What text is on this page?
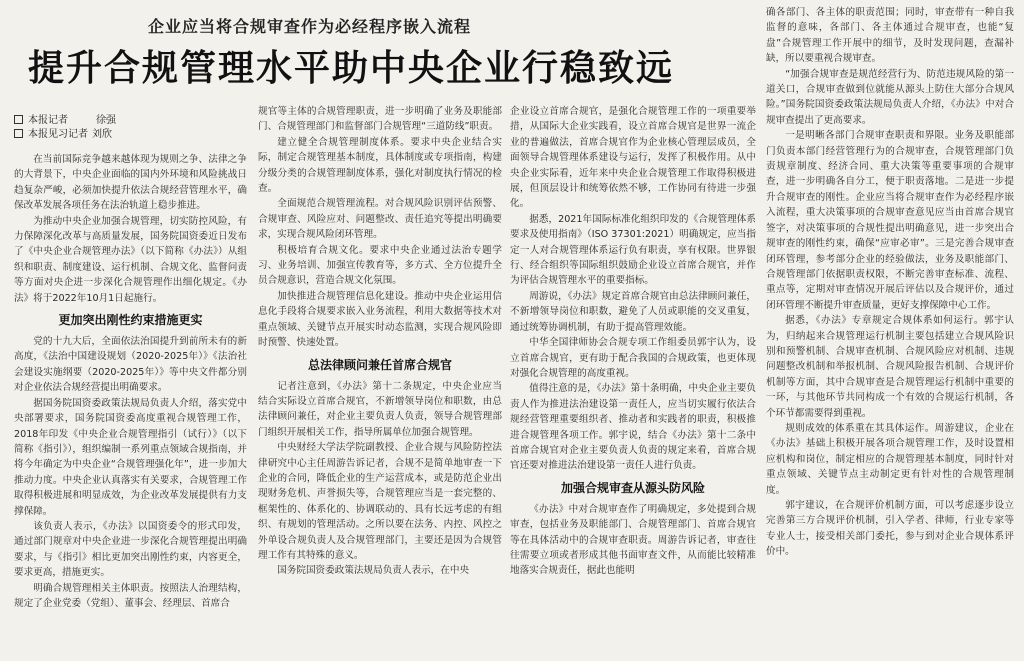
企业应当将合规审查作为必经程序嵌入流程
提升合规管理水平助中央企业行稳致远
本报记者	徐强
本报见习记者 刘欣

在当前国际竞争越来越体现为规则之争、法律之争的大背景下，中央企业面临的国内外环境和风险挑战日趋复杂严峻，必须加快提升依法合规经营管理水平，确保改革发展各项任务在法治轨道上稳步推进。

为推动中央企业加强合规管理，切实防控风险，有力保障深化改革与高质量发展，国务院国资委近日发布了《中央企业合规管理办法》（以下简称《办法》）从组织和职责、制度建设、运行机制、合规文化、监督问责等方面对央企进一步深化合规管理作出细化规定。《办法》将于2022年10月1日起施行。

更加突出刚性约束措施更实

党的十九大后，全面依法治国提升到前所未有的新高度，《法治中国建设规划（2020-2025年）》《法治社会建设实施纲要（2020-2025年）》等中央文件都分别对企业依法合规经营提出明确要求。

据国务院国资委政策法规局负责人介绍，落实党中央部署要求，国务院国资委高度重视合规管理工作，2018年印发《中央企业合规管理指引（试行）》（以下简称《指引》），组织编制一系列重点领域合规指南，并将今年确定为中央企业“合规管理强化年”，进一步加大推动力度。中央企业认真落实有关要求，合规管理工作取得积极进展和明显成效，为企业改革发展提供有力支撑保障。

该负责人表示，《办法》以国资委令的形式印发，通过部门规章对中央企业进一步深化合规管理提出明确要求，与《指引》相比更加突出刚性约束，内容更全，要求更高，措施更实。

明确合规管理相关主体职责。按照法人治理结构，规定了企业党委（党组）、董事会、经理层、首席合

规官等主体的合规管理职责，进一步明确了业务及职能部门、合规管理部门和监督部门合规管理“三道防线”职责。

建立健全合规管理制度体系。要求中央企业结合实际，制定合规管理基本制度，具体制度或专项指南，构建分级分类的合规管理制度体系，强化对制度执行情况的检查。

全面规范合规管理流程。对合规风险识别评估预警、合规审查、风险应对、问题整改、责任追究等提出明确要求，实现合规风险闭环管理。

积极培育合规文化。要求中央企业通过法治专题学习、业务培训、加强宣传教育等，多方式、全方位提升全员合规意识，营造合规文化氛围。

加快推进合规管理信息化建设。推动中央企业运用信息化手段将合规要求嵌入业务流程，利用大数据等技术对重点领域、关键节点开展实时动态监测，实现合规风险即时预警、快速处置。

总法律顾问兼任首席合规官

记者注意到，《办法》第十二条规定，中央企业应当结合实际设立首席合规官，不新增领导岗位和职数，由总法律顾问兼任，对企业主要负责人负责，领导合规管理部门组织开展相关工作，指导所属单位加强合规管理。

中央财经大学法学院副教授、企业合规与风险防控法律研究中心主任周游告诉记者，合规不是简单地审查一下企业的合同，降低企业的生产运营成本，或是防范企业出现财务危机、声誉损失等，合规管理应当是一套完整的、框架性的、体系化的、协调联动的、具有长远考虑的有组织、有规划的管理活动。之所以要在法务、内控、风控之外单设合规负责人及合规管理部门，主要还是因为合规管理工作有其特殊的意义。

国务院国资委政策法规局负责人表示，在中央

企业设立首席合规官，是强化合规管理工作的一项重要举措，从国际大企业实践看，设立首席合规官是世界一流企业的普遍做法，首席合规官作为企业核心管理层成员，全面领导合规管理体系建设与运行，发挥了积极作用。从中央企业实际看，近年来中央企业合规管理工作取得积极进展，但顶层设计和统筹依然不够，工作协同有待进一步强化。

据悉，2021年国际标准化组织印发的《合规管理体系要求及使用指南》（ISO 37301:2021）明确规定，应当指定一人对合规管理体系运行负有职责，享有权限。世界银行、经合组织等国际组织鼓励企业设立首席合规官，并作为评估合规管理水平的重要指标。

周游说，《办法》规定首席合规官由总法律顾问兼任，不新增领导岗位和职数，避免了人员或职能的交叉重复，通过统筹协调机制，有助于提高管理效能。

中华全国律师协会合规专项工作组委员郭宇认为，设立首席合规官，更有助于配合我国的合规政策，也更体现对强化合规管理的高度重视。

值得注意的是，《办法》第十条明确，中央企业主要负责人作为推进法治建设第一责任人，应当切实履行依法合规经营管理重要组织者、推动者和实践者的职责，积极推进合规管理各项工作。郭宇说，结合《办法》第十二条中首席合规官对企业主要负责人负责的规定来看，首席合规官还要对推进法治建设第一责任人进行负责。

加强合规审查从源头防风险

《办法》中对合规审查作了明确规定，多处提到合规审查，包括业务及职能部门、合规管理部门、首席合规官等在具体活动中的合规审查职责。周游告诉记者，审查往往需要立项或者形成其他书面审查文件，从而能比较精准地落实合规责任，据此也能明

确各部门、各主体的职责范围；同时，审查带有一种自我监督的意味，各部门、各主体通过合规审查，也能“复盘”合规管理工作开展中的细节，及时发现问题，查漏补缺，所以要重视合规审查。

“加强合规审查是规范经营行为、防范违规风险的第一道关口，合规审查做到位就能从源头上防住大部分合规风险。”国务院国资委政策法规局负责人介绍，《办法》中对合规审查提出了更高要求。

一是明晰各部门合规审查职责和界限。业务及职能部门负责本部门经营管理行为的合规审查，合规管理部门负责规章制度、经济合同、重大决策等重要事项的合规审查，进一步明确各自分工，便于职责落地。二是进一步提升合规审查的刚性。企业应当将合规审查作为必经程序嵌入流程，重大决策事项的合规审查意见应当由首席合规官签字，对决策事项的合规性提出明确意见，进一步突出合规审查的刚性约束，确保“应审必审”。三是完善合规审查闭环管理，参考部分企业的经验做法，业务及职能部门、合规管理部门依据职责权限，不断完善审查标准、流程、重点等，定期对审查情况开展后评估以及合规评价，通过闭环管理不断提升审查质量，更好支撑保障中心工作。

据悉，《办法》专章规定合规体系如何运行。郭宇认为，归纳起来合规管理运行机制主要包括建立合规风险识别和预警机制、合规审查机制、合规风险应对机制、违规问题整改机制和举报机制、合规风险报告机制、合规评价机制等方面，其中合规审查是合规管理运行机制中重要的一环，与其他环节共同构成一个有效的合规运行机制，各个环节都需要得到重视。

规则成效的体系重在其具体运作。周游建议，企业在《办法》基础上积极开展各项合规管理工作，及时设置相应机构和岗位，制定相应的合规管理基本制度，同时针对重点领域、关键节点主动制定更有针对性的合规管理制度。

郭宇建议，在合规评价机制方面，可以考虑逐步设立完善第三方合规评价机制，引入学者、律师，行业专家等专业人士，接受相关部门委托，参与到对企业合规体系评价中。
